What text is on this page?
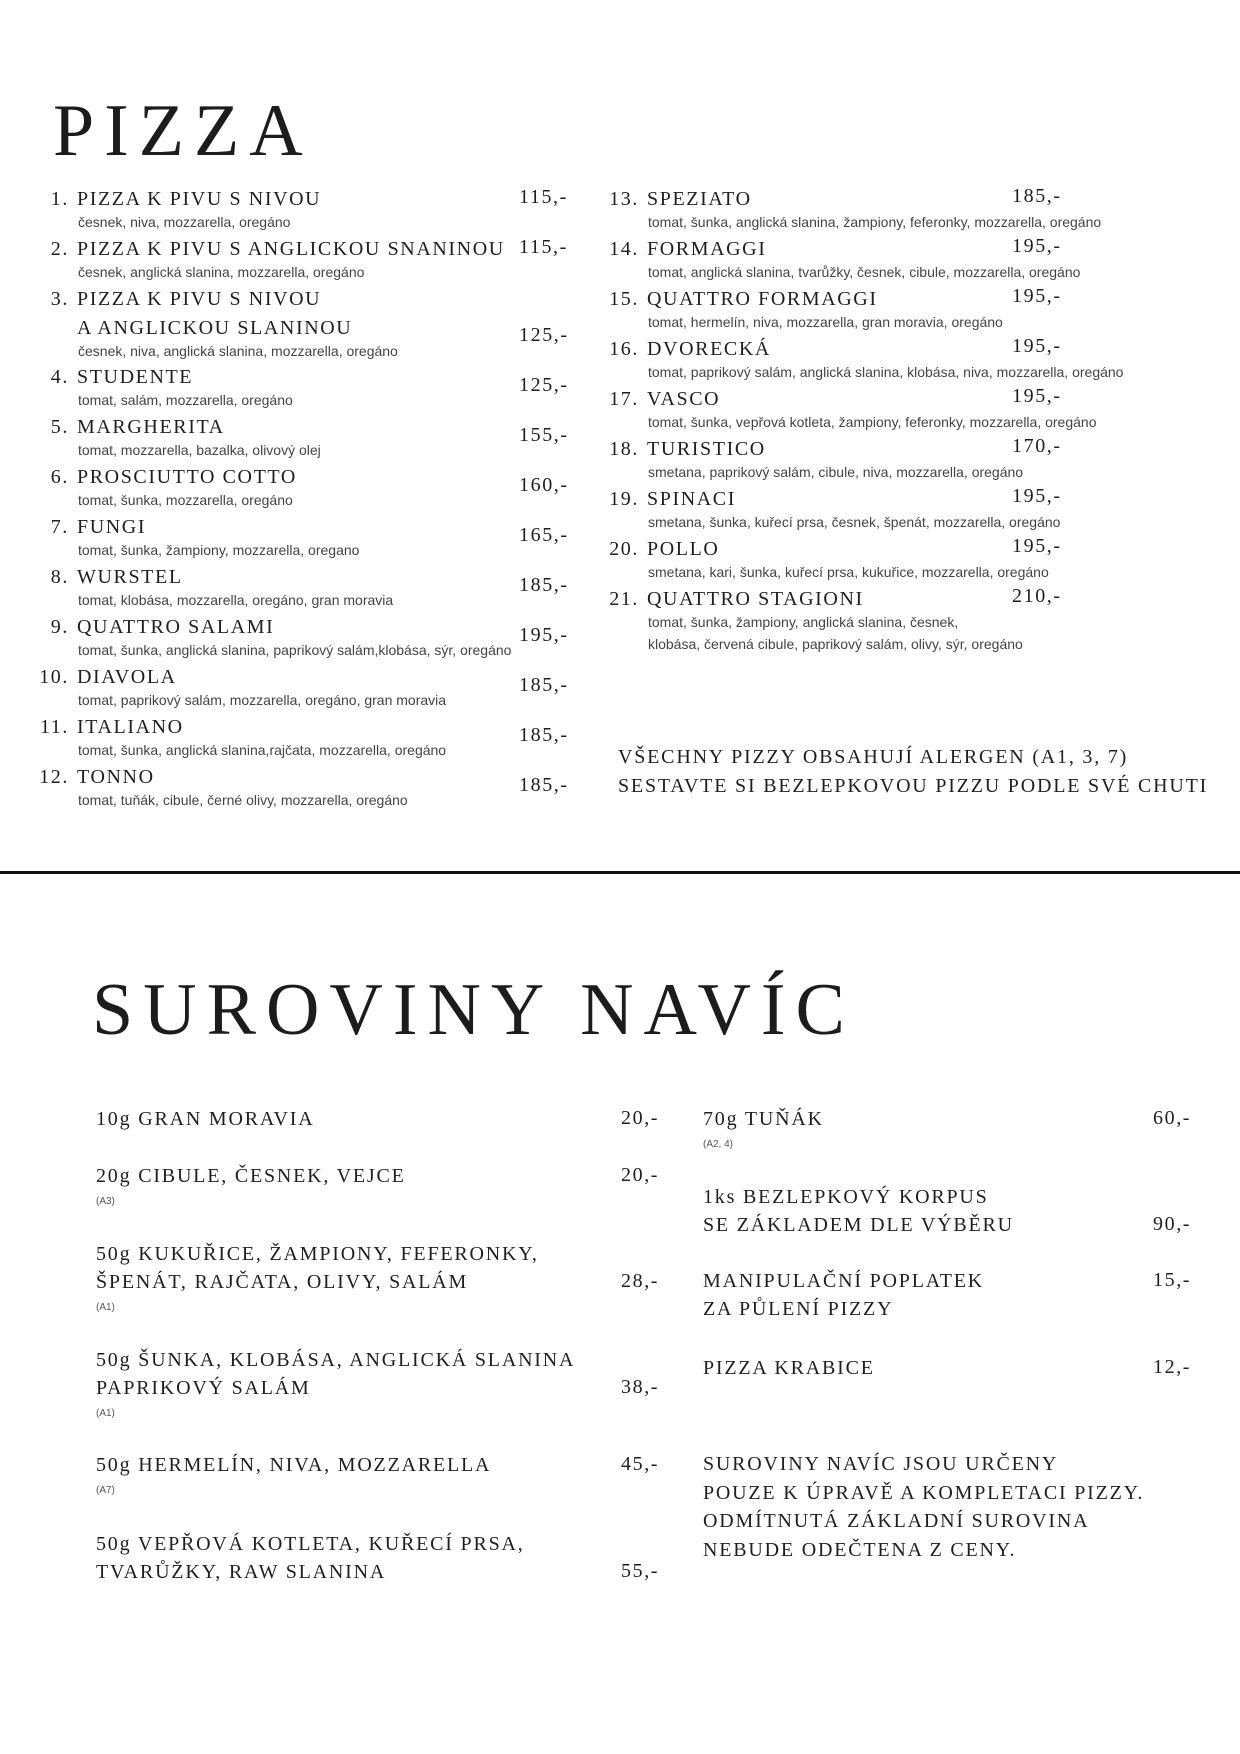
PIZZA
1. PIZZA K PIVU S NIVOU
česnek, niva, mozzarella, oregáno
115,-
2. PIZZA K PIVU S ANGLICKOU SNANINOU
česnek, anglická slanina, mozzarella, oregáno
115,-
3. PIZZA K PIVU S NIVOU
A ANGLICKOU SLANINOU
česnek, niva, anglická slanina, mozzarella, oregáno
125,-
4. STUDENTE
tomat, salám, mozzarella, oregáno
125,-
5. MARGHERITA
tomat, mozzarella, bazalka, olivový olej
155,-
6. PROSCIUTTO COTTO
tomat, šunka, mozzarella, oregáno
160,-
7. FUNGI
tomat, šunka, žampiony, mozzarella, oregano
165,-
8. WURSTEL
tomat, klobása, mozzarella, oregáno, gran moravia
185,-
9. QUATTRO SALAMI
tomat, šunka, anglická slanina, paprikový salám,klobása, sýr, oregáno
195,-
10. DIAVOLA
tomat, paprikový salám, mozzarella, oregáno, gran moravia
185,-
11. ITALIANO
tomat, šunka, anglická slanina,rajčata, mozzarella, oregáno
185,-
12. TONNO
tomat, tuňák, cibule, černé olivy, mozzarella, oregáno
185,-
13. SPEZIATO
tomat, šunka, anglická slanina, žampiony, feferonky, mozzarella, oregáno
185,-
14. FORMAGGI
tomat, anglická slanina, tvarůžky, česnek, cibule, mozzarella, oregáno
195,-
15. QUATTRO FORMAGGI
tomat, hermelín, niva, mozzarella, gran moravia, oregáno
195,-
16. DVORECKÁ
tomat, paprikový salám, anglická slanina, klobása, niva, mozzarella, oregáno
195,-
17. VASCO
tomat, šunka, vepřová kotleta, žampiony, feferonky, mozzarella, oregáno
195,-
18. TURISTICO
smetana, paprikový salám, cibule, niva, mozzarella, oregáno
170,-
19. SPINACI
smetana, šunka, kuřecí prsa, česnek, špenát, mozzarella, oregáno
195,-
20. POLLO
smetana, kari, šunka, kuřecí prsa, kukuřice, mozzarella, oregáno
195,-
21. QUATTRO STAGIONI
tomat, šunka, žampiony, anglická slanina, česnek,
klobása, červená cibule, paprikový salám, olivy, sýr, oregáno
210,-
VŠECHNY PIZZY OBSAHUJÍ ALERGEN (A1, 3, 7)
SESTAVTE SI BEZLEPKOVOU PIZZU PODLE SVÉ CHUTI
SUROVINY NAVÍC
10g GRAN MORAVIA	20,-
20g CIBULE, ČESNEK, VEJCE	20,-
(A3)
50g KUKUŘICE, ŽAMPIONY, FEFERONKY,
ŠPENÁT, RAJČATA, OLIVY, SALÁM	28,-
(A1)
50g ŠUNKA, KLOBÁSA, ANGLICKÁ SLANINA
PAPRIKOVÝ SALÁM	38,-
(A1)
50g HERMELÍN, NIVA, MOZZARELLA	45,-
(A7)
50g VEPŘOVÁ KOTLETA, KUŘECÍ PRSA,
TVARŮŽKY, RAW SLANINA	55,-
70g TUŇÁK	60,-
(A2, 4)
1ks BEZLEPKOVÝ KORPUS
SE ZÁKLADEM DLE VÝBĚRU	90,-
MANIPULAČNÍ POPLATEK
ZA PŮLENÍ PIZZY
15,-
PIZZA KRABICE	12,-
SUROVINY NAVÍC JSOU URČENY
POUZE K ÚPRAVĚ A KOMPLETACI PIZZY.
ODMÍTNUTÁ ZÁKLADNÍ SUROVINA
NEBUDE ODEČTENA Z CENY.
